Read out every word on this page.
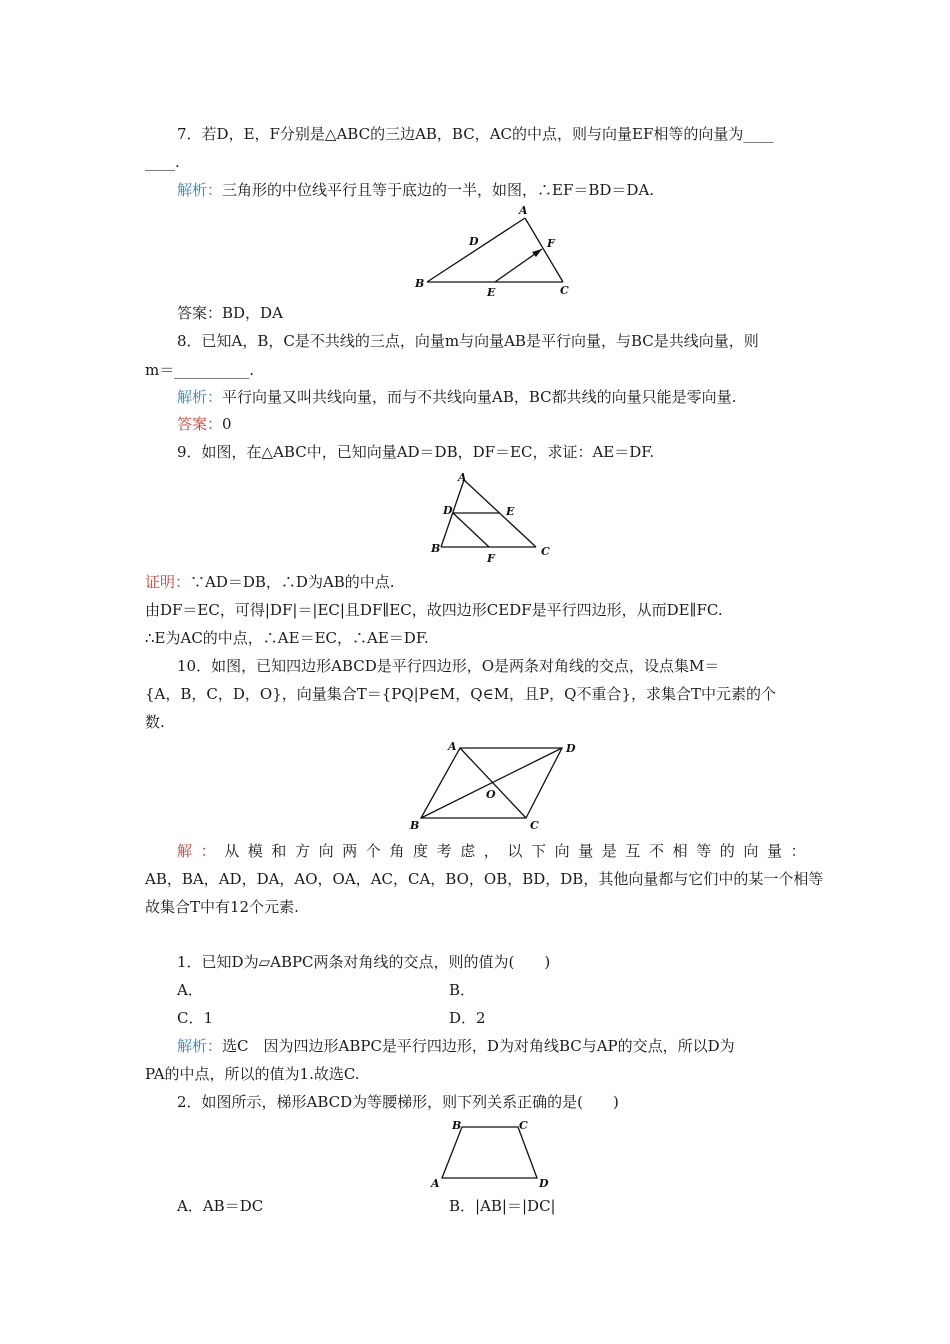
7．若D，E，F分别是△ABC的三边AB，BC，AC的中点，则与向量EF相等的向量为____
____.
解析：三角形的中位线平行且等于底边的一半，如图，∴EF＝BD＝DA.
A
D	F
B
E	C
答案：BD，DA
8．已知A，B，C是不共线的三点，向量m与向量AB是平行向量，与BC是共线向量，则
m＝__________.
解析：平行向量又叫共线向量，而与不共线向量AB，BC都共线的向量只能是零向量.
答案：0
9．如图，在△ABC中，已知向量AD＝DB，DF＝EC，求证：AE＝DF.
A
D	E
B
F
C
证明：∵AD＝DB，∴D为AB的中点.
由DF＝EC，可得|DF|＝|EC|且DF∥EC，故四边形CEDF是平行四边形，从而DE∥FC.
∴E为AC的中点，∴AE＝EC，∴AE＝DF.
10．如图，已知四边形ABCD是平行四边形，O是两条对角线的交点，设点集M＝
{A，B，C，D，O}，向量集合T＝{PQ|P∈M，Q∈M，且P，Q不重合}，求集合T中元素的个
数.
A	D
O
B	C
解：从模和方向两个角度考虑，以下向量是互不相等的向量：
AB，BA，AD，DA，AO，OA，AC，CA，BO，OB，BD，DB，其他向量都与它们中的某一个相等
故集合T中有12个元素.
1．已知D为▱ABPC两条对角线的交点，则的值为(　　)
A．	B．
C．1	D．2
解析：选C　因为四边形ABPC是平行四边形，D为对角线BC与AP的交点，所以D为
PA的中点，所以的值为1.故选C.
2．如图所示，梯形ABCD为等腰梯形，则下列关系正确的是(　　)
B	C
A	D
A．AB＝DC	B．|AB|＝|DC|
